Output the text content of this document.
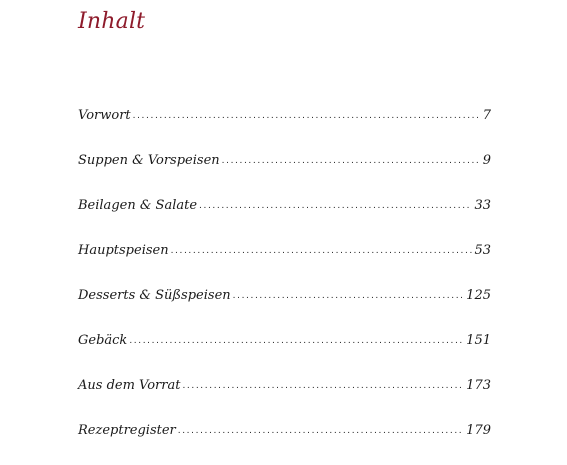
Inhalt
Vorwort .....	7
Suppen & Vorspeisen .....	9
Beilagen & Salate .....	33
Hauptspeisen .....	53
Desserts & Süßspeisen .....	125
Gebäck .....	151
Aus dem Vorrat .....	173
Rezeptregister .....	179
